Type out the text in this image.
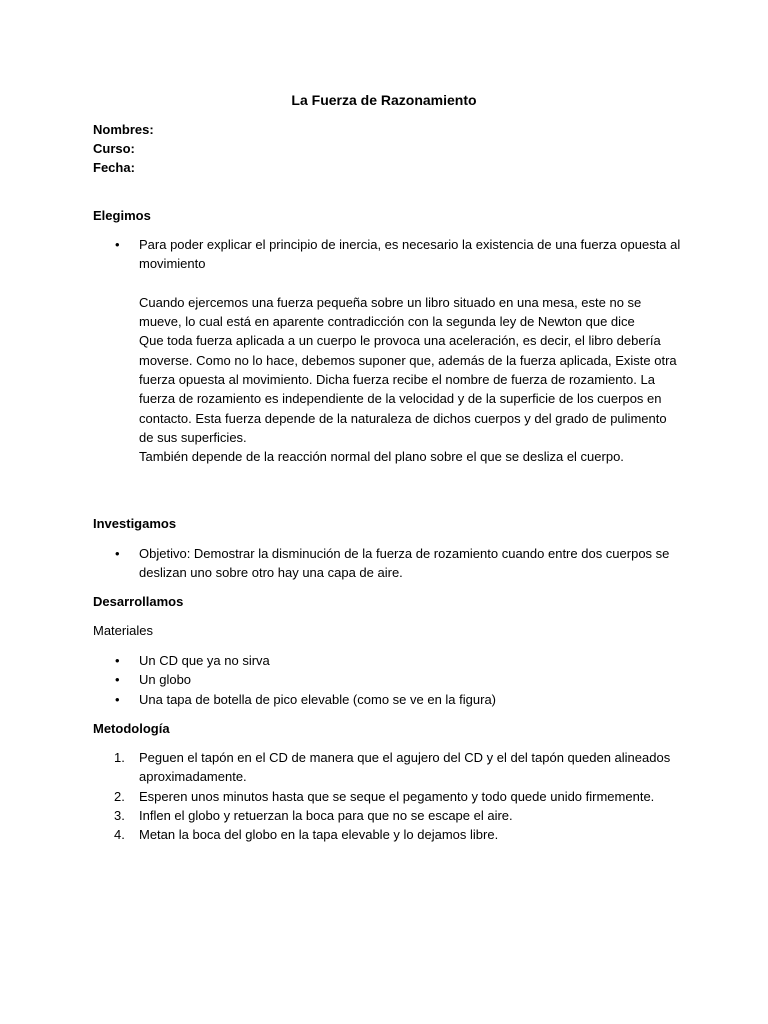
La Fuerza de Razonamiento
Nombres:
Curso:
Fecha:
Elegimos
• Para poder explicar el principio de inercia, es necesario la existencia de una fuerza opuesta al movimiento
Cuando ejercemos una fuerza pequeña sobre un libro situado en una mesa, este no se mueve, lo cual está en aparente contradicción con la segunda ley de Newton que dice
Que toda fuerza aplicada a un cuerpo le provoca una aceleración, es decir, el libro debería moverse. Como no lo hace, debemos suponer que, además de la fuerza aplicada, Existe otra fuerza opuesta al movimiento. Dicha fuerza recibe el nombre de fuerza de rozamiento. La fuerza de rozamiento es independiente de la velocidad y de la superficie de los cuerpos en
contacto. Esta fuerza depende de la naturaleza de dichos cuerpos y del grado de pulimento de sus superficies.
También depende de la reacción normal del plano sobre el que se desliza el cuerpo.
Investigamos
• Objetivo: Demostrar la disminución de la fuerza de rozamiento cuando entre dos cuerpos se deslizan uno sobre otro hay una capa de aire.
Desarrollamos
Materiales
• Un CD que ya no sirva
• Un globo
• Una tapa de botella de pico elevable (como se ve en la figura)
Metodología
1. Peguen el tapón en el CD de manera que el agujero del CD y el del tapón queden alineados aproximadamente.
2. Esperen unos minutos hasta que se seque el pegamento y todo quede unido firmemente.
3. Inflen el globo y retuerzan la boca para que no se escape el aire.
4. Metan la boca del globo en la tapa elevable y lo dejamos libre.
